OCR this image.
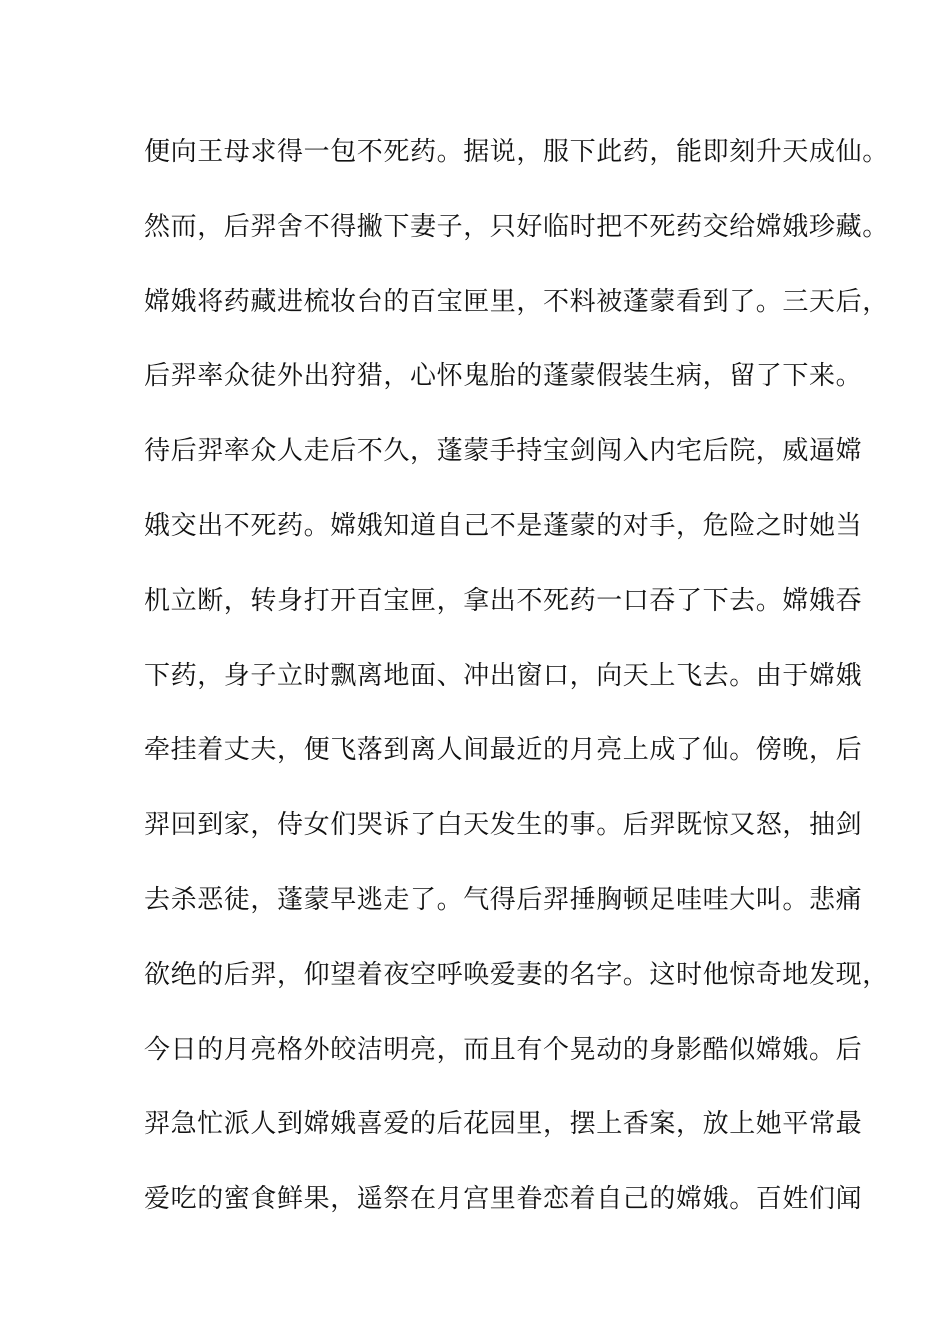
便向王母求得一包不死药。据说，服下此药，能即刻升天成仙。
然而，后羿舍不得撇下妻子，只好临时把不死药交给嫦娥珍藏。
嫦娥将药藏进梳妆台的百宝匣里，不料被蓬蒙看到了。三天后，
后羿率众徒外出狩猎，心怀鬼胎的蓬蒙假装生病，留了下来。
待后羿率众人走后不久，蓬蒙手持宝剑闯入内宅后院，威逼嫦
娥交出不死药。嫦娥知道自己不是蓬蒙的对手，危险之时她当
机立断，转身打开百宝匣，拿出不死药一口吞了下去。嫦娥吞
下药，身子立时飘离地面、冲出窗口，向天上飞去。由于嫦娥
牵挂着丈夫，便飞落到离人间最近的月亮上成了仙。傍晚，后
羿回到家，侍女们哭诉了白天发生的事。后羿既惊又怒，抽剑
去杀恶徒，蓬蒙早逃走了。气得后羿捶胸顿足哇哇大叫。悲痛
欲绝的后羿，仰望着夜空呼唤爱妻的名字。这时他惊奇地发现，
今日的月亮格外皎洁明亮，而且有个晃动的身影酷似嫦娥。后
羿急忙派人到嫦娥喜爱的后花园里，摆上香案，放上她平常最
爱吃的蜜食鲜果，遥祭在月宫里眷恋着自己的嫦娥。百姓们闻
